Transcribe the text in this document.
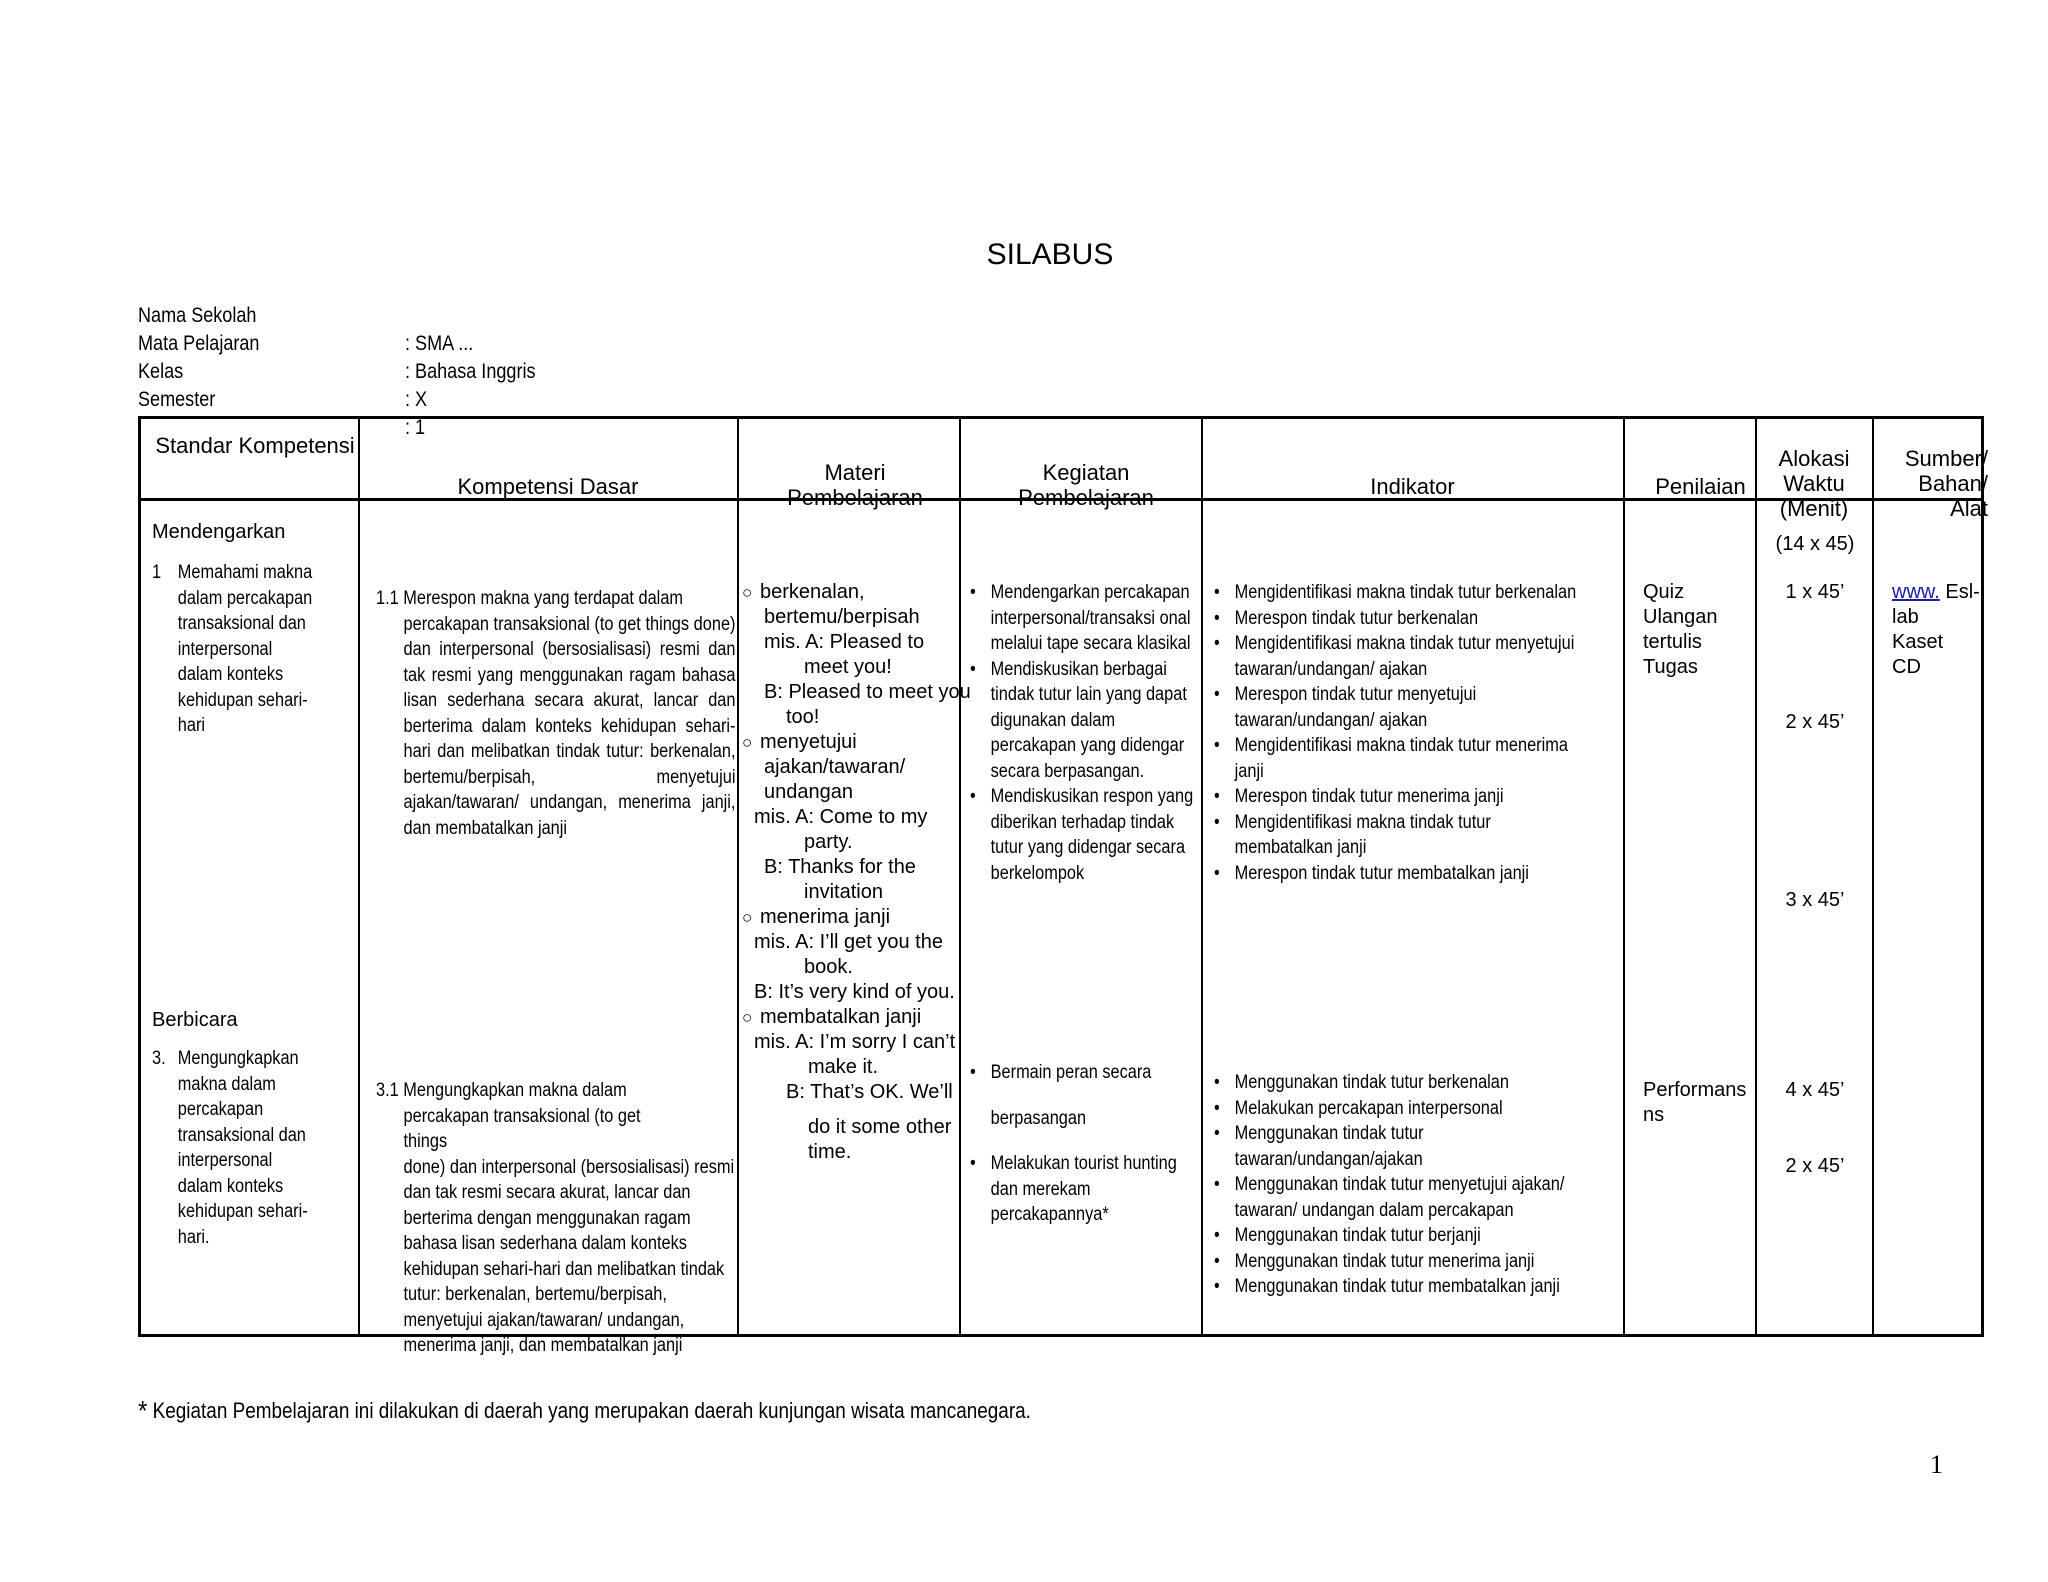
SILABUS
Nama Sekolah
Mata Pelajaran
Kelas
Semester
: SMA ...
: Bahasa Inggris
: X
: 1
Standar Kompetensi
Kompetensi Dasar
Materi Pembelajaran
Kegiatan Pembelajaran	Indikator	Penilaian
Alokasi Waktu (Menit)
(14 x 45)
Sumber/ Bahan/ Alat
Mendengarkan
1 Memahami makna dalam percakapan transaksional dan interpersonal dalam konteks kehidupan sehari-hari
1.1 Merespon makna yang terdapat dalam
percakapan transaksional (to get things done) dan interpersonal (bersosialisasi) resmi dan tak resmi yang menggunakan ragam bahasa lisan sederhana secara akurat, lancar dan berterima dalam konteks kehidupan sehari-hari dan melibatkan tindak tutur: berkenalan, bertemu/berpisah, menyetujui ajakan/tawaran/ undangan, menerima janji, dan membatalkan janji
○ berkenalan,
bertemu/berpisah
mis. A: Pleased to
meet you!
B: Pleased to meet you
too!
○ menyetujui
ajakan/tawaran/
undangan
mis. A: Come to my
party.
B: Thanks for the
invitation
○ menerima janji
mis. A: I’ll get you the
book.
B: It’s very kind of you.
○ membatalkan janji
mis. A: I’m sorry I can’t
make it.
B: That’s OK. We’ll
do it some other
time.
• Mendengarkan percakapan interpersonal/transaksi onal melalui tape secara klasikal
• Mendiskusikan berbagai tindak tutur lain yang dapat digunakan dalam percakapan yang didengar secara berpasangan.
• Mendiskusikan respon yang diberikan terhadap tindak tutur yang didengar secara berkelompok
• Mengidentifikasi makna tindak tutur berkenalan
• Merespon tindak tutur berkenalan
• Mengidentifikasi makna tindak tutur menyetujui tawaran/undangan/ ajakan
• Merespon tindak tutur menyetujui tawaran/undangan/ ajakan
• Mengidentifikasi makna tindak tutur menerima janji
• Merespon tindak tutur menerima janji
• Mengidentifikasi makna tindak tutur membatalkan janji
• Merespon tindak tutur membatalkan janji
Quiz
Ulangan
tertulis
Tugas
1 x 45’
2 x 45’
3 x 45’
www. Esl-
lab
Kaset
CD
Berbicara
3. Mengungkapkan makna dalam percakapan transaksional dan interpersonal dalam konteks kehidupan sehari-hari.
3.1 Mengungkapkan makna dalam
percakapan transaksional (to get
things
done) dan interpersonal (bersosialisasi) resmi dan tak resmi secara akurat, lancar dan berterima dengan menggunakan ragam bahasa lisan sederhana dalam konteks kehidupan sehari-hari dan melibatkan tindak tutur: berkenalan, bertemu/berpisah, menyetujui ajakan/tawaran/ undangan, menerima janji, dan membatalkan janji
• Bermain peran secara
berpasangan
• Melakukan tourist hunting dan merekam percakapannya*
• Menggunakan tindak tutur berkenalan
• Melakukan percakapan interpersonal
• Menggunakan tindak tutur tawaran/undangan/ajakan
• Menggunakan tindak tutur menyetujui ajakan/ tawaran/ undangan dalam percakapan
• Menggunakan tindak tutur berjanji
• Menggunakan tindak tutur menerima janji
• Menggunakan tindak tutur membatalkan janji
Performans
ns
4 x 45’
2 x 45’
* Kegiatan Pembelajaran ini dilakukan di daerah yang merupakan daerah kunjungan wisata mancanegara.
1
